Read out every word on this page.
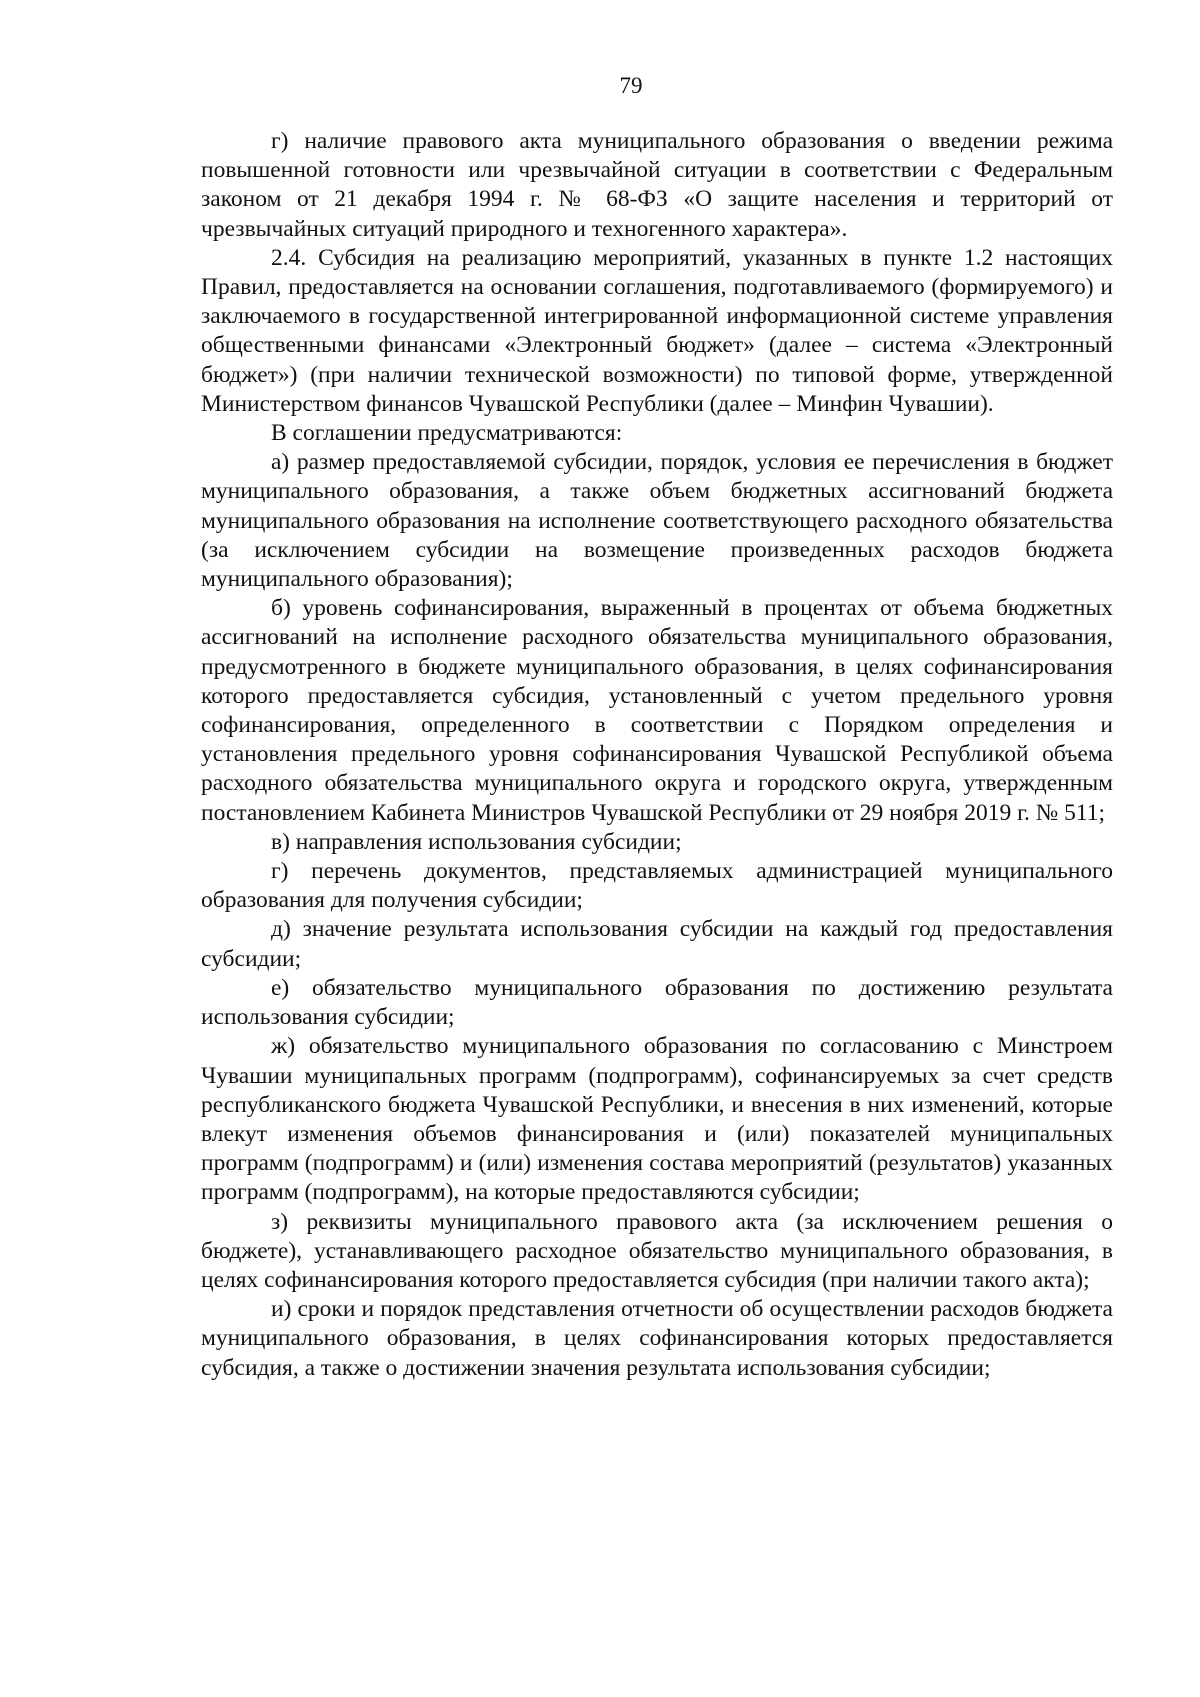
79

г) наличие правового акта муниципального образования о введении режима повышенной готовности или чрезвычайной ситуации в соответствии с Федеральным законом от 21 декабря 1994 г. № 68-ФЗ «О защите населения и территорий от чрезвычайных ситуаций природного и техногенного характера».

2.4. Субсидия на реализацию мероприятий, указанных в пункте 1.2 настоящих Правил, предоставляется на основании соглашения, подготавливаемого (формируемого) и заключаемого в государственной интегрированной информационной системе управления общественными финансами «Электронный бюджет» (далее – система «Электронный бюджет») (при наличии технической возможности) по типовой форме, утвержденной Министерством финансов Чувашской Республики (далее – Минфин Чувашии).

В соглашении предусматриваются:

а) размер предоставляемой субсидии, порядок, условия ее перечисления в бюджет муниципального образования, а также объем бюджетных ассигнований бюджета муниципального образования на исполнение соответствующего расходного обязательства (за исключением субсидии на возмещение произведенных расходов бюджета муниципального образования);

б) уровень софинансирования, выраженный в процентах от объема бюджетных ассигнований на исполнение расходного обязательства муниципального образования, предусмотренного в бюджете муниципального образования, в целях софинансирования которого предоставляется субсидия, установленный с учетом предельного уровня софинансирования, определенного в соответствии с Порядком определения и установления предельного уровня софинансирования Чувашской Республикой объема расходного обязательства муниципального округа и городского округа, утвержденным постановлением Кабинета Министров Чувашской Республики от 29 ноября 2019 г. № 511;

в) направления использования субсидии;

г) перечень документов, представляемых администрацией муниципального образования для получения субсидии;

д) значение результата использования субсидии на каждый год предоставления субсидии;

е) обязательство муниципального образования по достижению результата использования субсидии;

ж) обязательство муниципального образования по согласованию с Минстроем Чувашии муниципальных программ (подпрограмм), софинансируемых за счет средств республиканского бюджета Чувашской Республики, и внесения в них изменений, которые влекут изменения объемов финансирования и (или) показателей муниципальных программ (подпрограмм) и (или) изменения состава мероприятий (результатов) указанных программ (подпрограмм), на которые предоставляются субсидии;

з) реквизиты муниципального правового акта (за исключением решения о бюджете), устанавливающего расходное обязательство муниципального образования, в целях софинансирования которого предоставляется субсидия (при наличии такого акта);

и) сроки и порядок представления отчетности об осуществлении расходов бюджета муниципального образования, в целях софинансирования которых предоставляется субсидия, а также о достижении значения результата использования субсидии;
